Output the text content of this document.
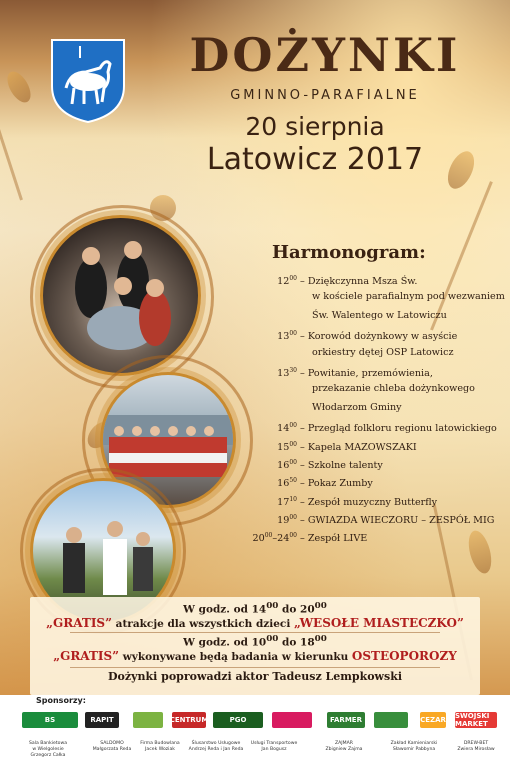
DOŻYNKI
GMINNO-PARAFIALNE
20 sierpnia
Latowicz 2017
Harmonogram:
$12^{00}$ – Dziękczynna Msza Św.
w kościele parafialnym pod wezwaniem
Św. Walentego w Latowiczu
$13^{00}$ – Korowód dożynkowy w asyście
orkiestry dętej OSP Latowicz
$13^{30}$ – Powitanie, przemówienia,
przekazanie chleba dożynkowego
Włodarzom Gminy
$14^{00}$ – Przegląd folkloru regionu latowickiego
$15^{00}$ – Kapela MAZOWSZAKI
$16^{00}$ – Szkolne talenty
$16^{50}$ – Pokaz Zumby
$17^{10}$ – Zespół muzyczny Butterfly
$19^{00}$ – GWIAZDA WIECZORU – ZESPÓŁ MIG
$20^{00}-24^{00}$ – Zespół LIVE
W godz. od $14^{00}$ do $20^{00}$
„GRATIS” atrakcje dla wszystkich dzieci „WESOŁE MIASTECZKO”
W godz. od $10^{00}$ do $18^{00}$
„GRATIS” wykonywane będą badania w kierunku OSTEOPOROZY
Dożynki poprowadzi aktor Tadeusz Lempkowski
Sponsorzy:
BS	RAPIT	CENTRUM	PGO	FARMER	CEZAR SWOJSKI MARKET
Sala Bankietowa
w Wielgolesie
Grzegorz Całka
SALDOMO
Małgorzata Reda
Firma Budowlana
Jacek Woziak
Ślusarstwo Usługowe
Andrzej Reda i Jan Reda
Usługi Transportowe
Jan Bogusz
ZAJMAR
Zbigniew Zajma
Zakład Kamieniarski
Sławomir Pabbyna
DREW-BET
Zwiera Mirosław
